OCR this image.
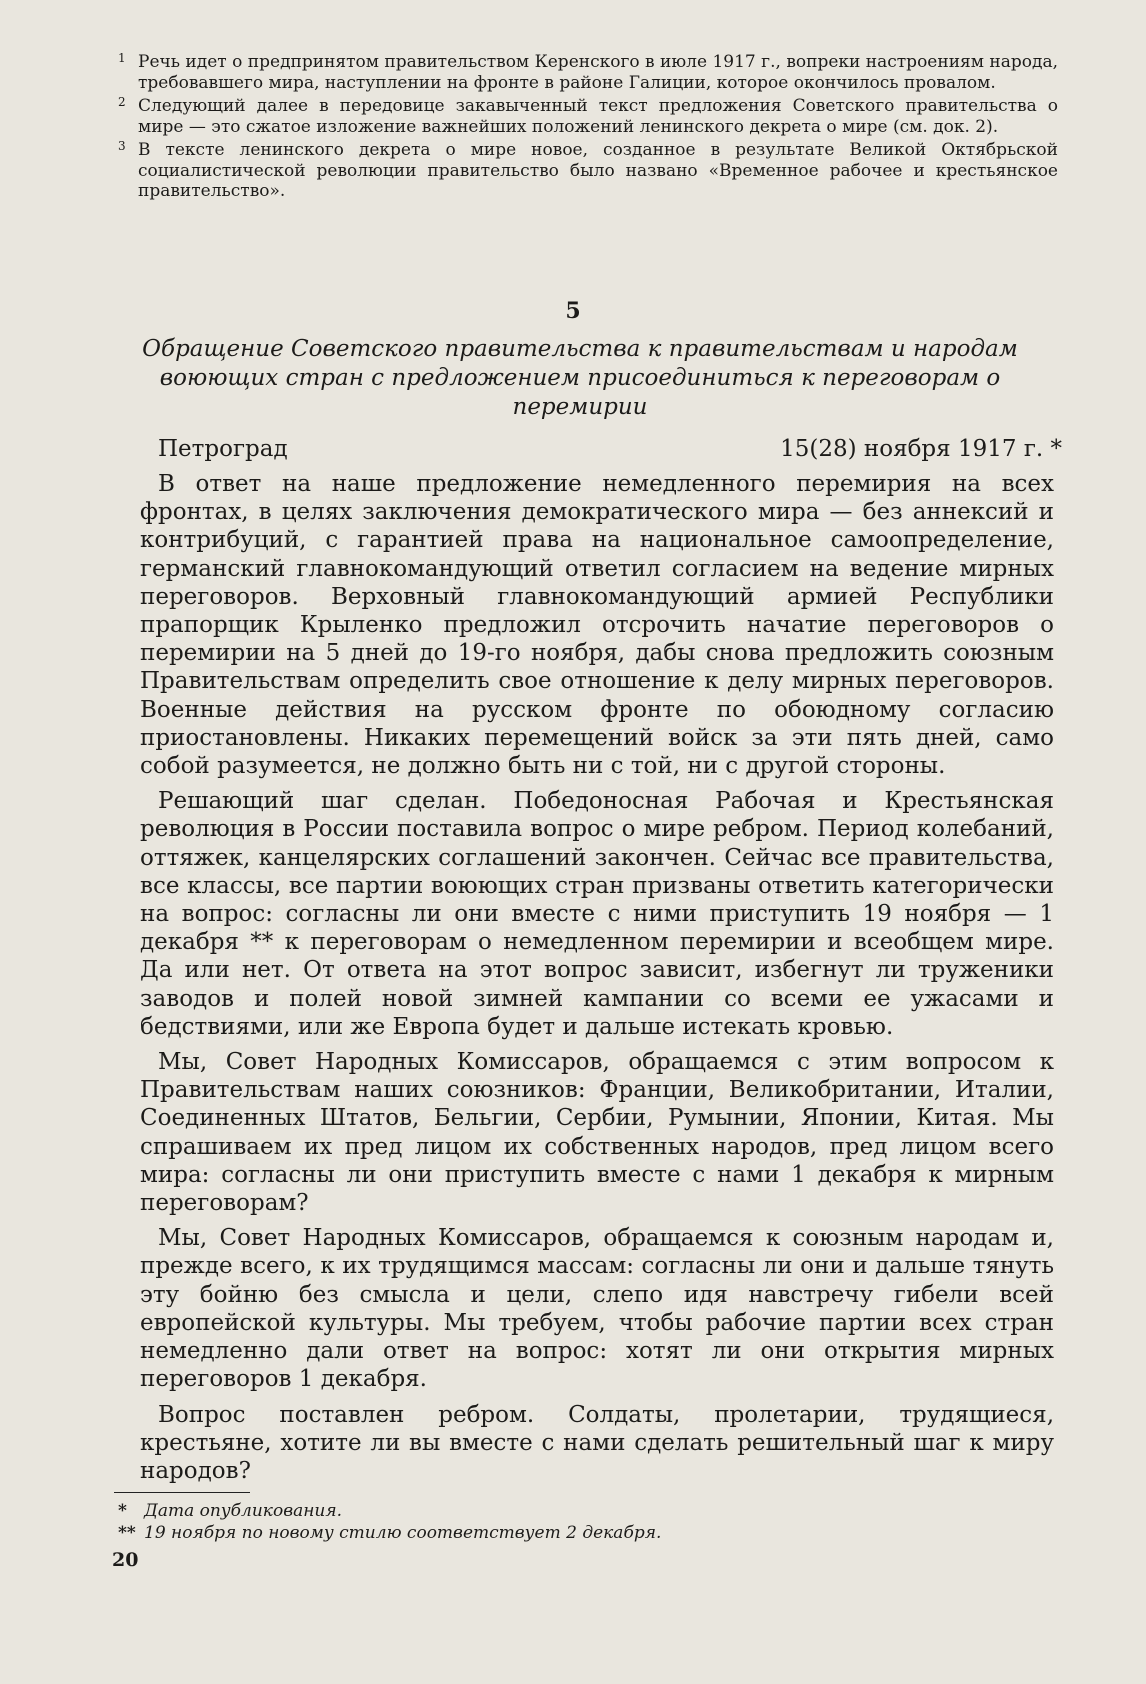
1 Речь идет о предпринятом правительством Керенского в июле 1917 г., вопреки настроениям народа, требовавшего мира, наступлении на фронте в районе Галиции, которое окончилось провалом.
2 Следующий далее в передовице закавыченный текст предложения Советского правительства о мире — это сжатое изложение важнейших положений ленинского декрета о мире (см. док. 2).
3 В тексте ленинского декрета о мире новое, созданное в результате Великой Октябрьской социалистической революции правительство было названо «Временное рабочее и крестьянское правительство».
5
Обращение Советского правительства к правительствам и народам воюющих стран с предложением присоединиться к переговорам о перемирии
Петроград	15(28) ноября 1917 г. *

В ответ на наше предложение немедленного перемирия на всех фронтах, в целях заключения демократического мира — без аннексий и контрибуций, с гарантией права на национальное самоопределение, германский главнокомандующий ответил согласием на ведение мирных переговоров. Верховный главнокомандующий армией Республики прапорщик Крыленко предложил отсрочить начатие переговоров о перемирии на 5 дней до 19-го ноября, дабы снова предложить союзным Правительствам определить свое отношение к делу мирных переговоров. Военные действия на русском фронте по обоюдному согласию приостановлены. Никаких перемещений войск за эти пять дней, само собой разумеется, не должно быть ни с той, ни с другой стороны.

Решающий шаг сделан. Победоносная Рабочая и Крестьянская революция в России поставила вопрос о мире ребром. Период колебаний, оттяжек, канцелярских соглашений закончен. Сейчас все правительства, все классы, все партии воюющих стран призваны ответить категорически на вопрос: согласны ли они вместе с ними приступить 19 ноября — 1 декабря ** к переговорам о немедленном перемирии и всеобщем мире. Да или нет. От ответа на этот вопрос зависит, избегнут ли труженики заводов и полей новой зимней кампании со всеми ее ужасами и бедствиями, или же Европа будет и дальше истекать кровью.

Мы, Совет Народных Комиссаров, обращаемся с этим вопросом к Правительствам наших союзников: Франции, Великобритании, Италии, Соединенных Штатов, Бельгии, Сербии, Румынии, Японии, Китая. Мы спрашиваем их пред лицом их собственных народов, пред лицом всего мира: согласны ли они приступить вместе с нами 1 декабря к мирным переговорам?

Мы, Совет Народных Комиссаров, обращаемся к союзным народам и, прежде всего, к их трудящимся массам: согласны ли они и дальше тянуть эту бойню без смысла и цели, слепо идя навстречу гибели всей европейской культуры. Мы требуем, чтобы рабочие партии всех стран немедленно дали ответ на вопрос: хотят ли они открытия мирных переговоров 1 декабря.

Вопрос поставлен ребром. Солдаты, пролетарии, трудящиеся, крестьяне, хотите ли вы вместе с нами сделать решительный шаг к миру народов?

* Дата опубликования.
** 19 ноября по новому стилю соответствует 2 декабря.
20
